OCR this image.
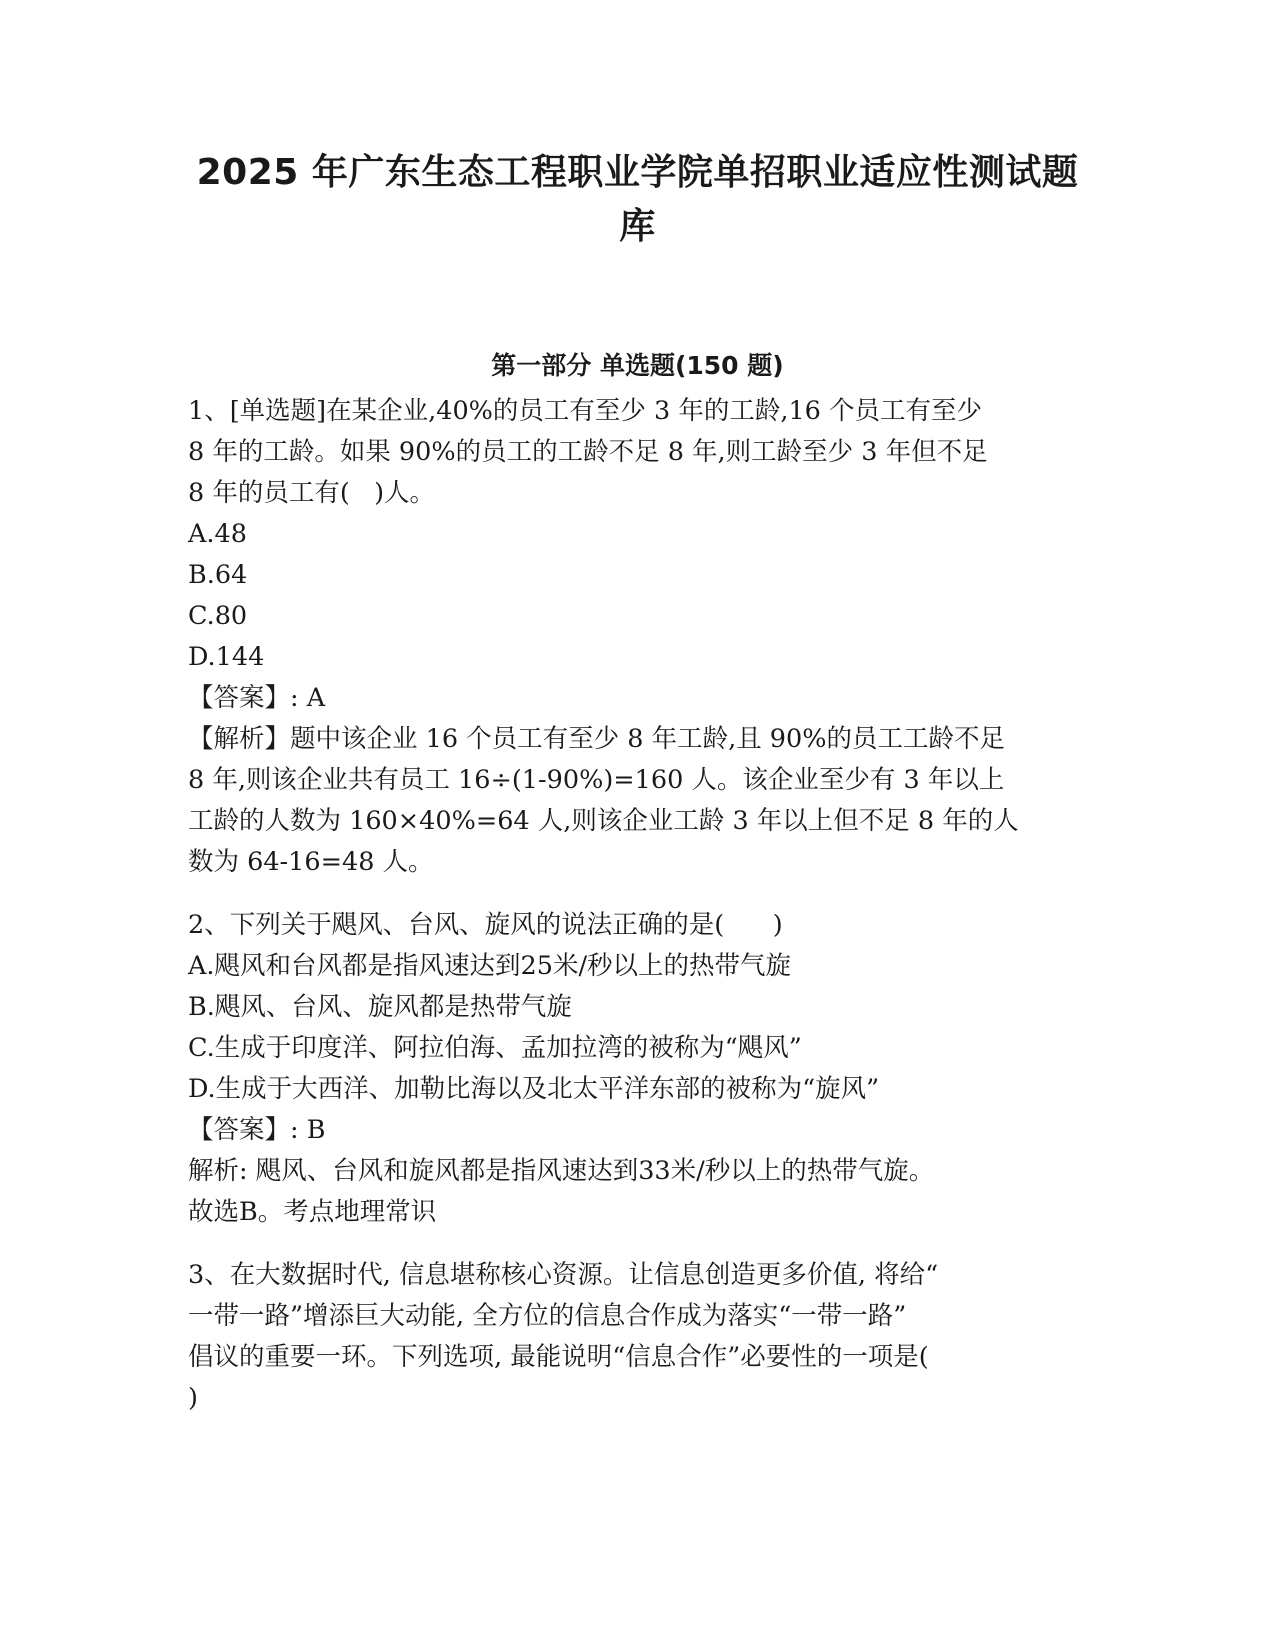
2025 年广东生态工程职业学院单招职业适应性测试题
库
第一部分 单选题(150 题)
1、[单选题]在某企业,40%的员工有至少 3 年的工龄,16 个员工有至少
8 年的工龄。如果 90%的员工的工龄不足 8 年,则工龄至少 3 年但不足
8 年的员工有(   )人。
A.48
B.64
C.80
D.144
【答案】: A
【解析】题中该企业 16 个员工有至少 8 年工龄,且 90%的员工工龄不足
8 年,则该企业共有员工 16÷(1-90%)=160 人。该企业至少有 3 年以上
工龄的人数为 160×40%=64 人,则该企业工龄 3 年以上但不足 8 年的人
数为 64-16=48 人。
2、下列关于飓风、台风、旋风的说法正确的是(      )
A.飓风和台风都是指风速达到25米/秒以上的热带气旋
B.飓风、台风、旋风都是热带气旋
C.生成于印度洋、阿拉伯海、孟加拉湾的被称为“飓风”
D.生成于大西洋、加勒比海以及北太平洋东部的被称为“旋风”
【答案】: B
解析: 飓风、台风和旋风都是指风速达到33米/秒以上的热带气旋。
故选B。考点地理常识
3、在大数据时代, 信息堪称核心资源。让信息创造更多价值, 将给“
一带一路”增添巨大动能, 全方位的信息合作成为落实“一带一路”
倡议的重要一环。下列选项, 最能说明“信息合作”必要性的一项是(
)
